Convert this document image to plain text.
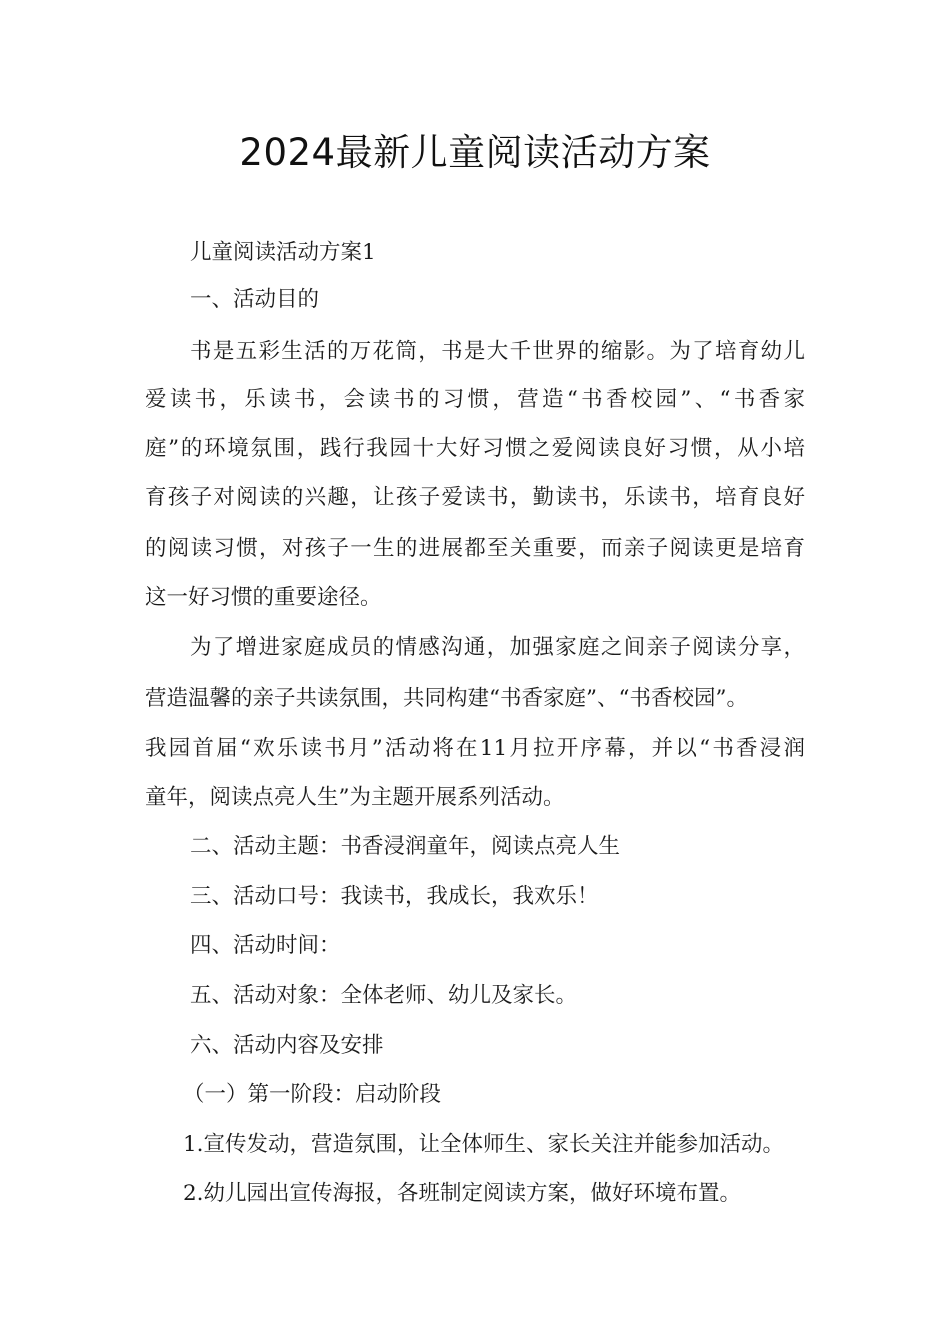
2024最新儿童阅读活动方案
儿童阅读活动方案1
一、活动目的
书是五彩生活的万花筒，书是大千世界的缩影。为了培育幼儿
爱读书，乐读书，会读书的习惯，营造“书香校园”、“书香家
庭”的环境氛围，践行我园十大好习惯之爱阅读良好习惯，从小培
育孩子对阅读的兴趣，让孩子爱读书，勤读书，乐读书，培育良好
的阅读习惯，对孩子一生的进展都至关重要，而亲子阅读更是培育
这一好习惯的重要途径。
为了增进家庭成员的情感沟通，加强家庭之间亲子阅读分享，
营造温馨的亲子共读氛围，共同构建“书香家庭”、“书香校园”。
我园首届“欢乐读书月”活动将在11月拉开序幕，并以“书香浸润
童年，阅读点亮人生”为主题开展系列活动。
二、活动主题：书香浸润童年，阅读点亮人生
三、活动口号：我读书，我成长，我欢乐！
四、活动时间：
五、活动对象：全体老师、幼儿及家长。
六、活动内容及安排
（一）第一阶段：启动阶段
1.宣传发动，营造氛围，让全体师生、家长关注并能参加活动。
2.幼儿园出宣传海报，各班制定阅读方案，做好环境布置。
